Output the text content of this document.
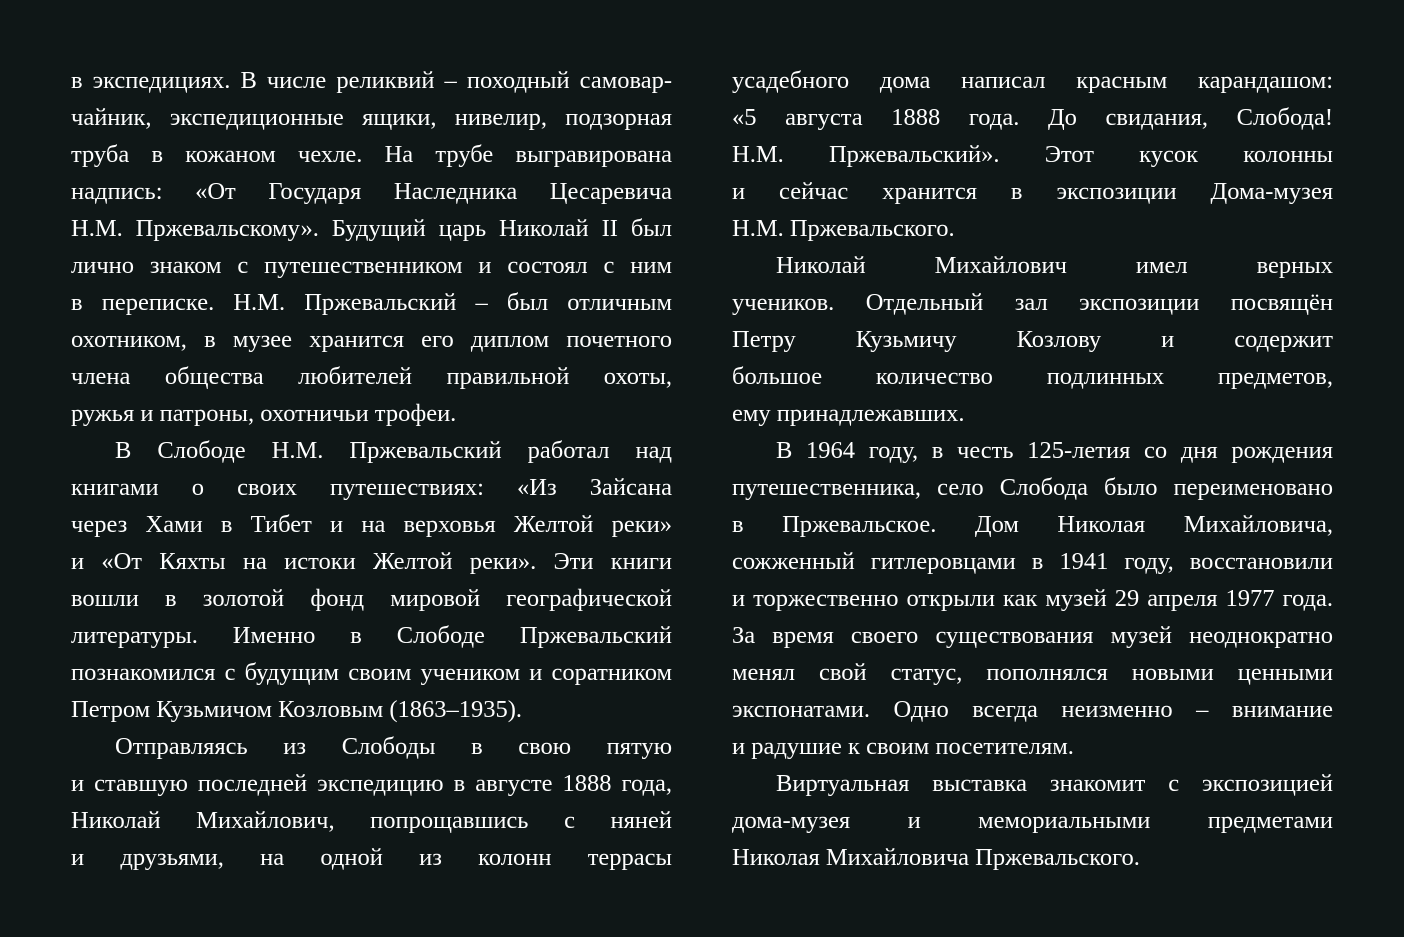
в экспедициях. В числе реликвий – походный самовар-
чайник, экспедиционные ящики, нивелир, подзорная
труба в кожаном чехле. На трубе выгравирована
надпись: «От Государя Наследника Цесаревича
Н.М. Пржевальскому». Будущий царь Николай II был
лично знаком с путешественником и состоял с ним
в переписке. Н.М. Пржевальский – был отличным
охотником, в музее хранится его диплом почетного
члена общества любителей правильной охоты,
ружья и патроны, охотничьи трофеи.
В Слободе Н.М. Пржевальский работал над
книгами о своих путешествиях: «Из Зайсана
через Хами в Тибет и на верховья Желтой реки»
и «От Кяхты на истоки Желтой реки». Эти книги
вошли в золотой фонд мировой географической
литературы. Именно в Слободе Пржевальский
познакомился с будущим своим учеником и соратником
Петром Кузьмичом Козловым (1863–1935).
Отправляясь из Слободы в свою пятую
и ставшую последней экспедицию в августе 1888 года,
Николай Михайлович, попрощавшись с няней
и друзьями, на одной из колонн террасы
усадебного дома написал красным карандашом:
«5 августа 1888 года. До свидания, Слобода!
Н.М. Пржевальский». Этот кусок колонны
и сейчас хранится в экспозиции Дома-музея
Н.М. Пржевальского.
Николай Михайлович имел верных
учеников. Отдельный зал экспозиции посвящён
Петру Кузьмичу Козлову и содержит
большое количество подлинных предметов,
ему принадлежавших.
В 1964 году, в честь 125-летия со дня рождения
путешественника, село Слобода было переименовано
в Пржевальское. Дом Николая Михайловича,
сожженный гитлеровцами в 1941 году, восстановили
и торжественно открыли как музей 29 апреля 1977 года.
За время своего существования музей неоднократно
менял свой статус, пополнялся новыми ценными
экспонатами. Одно всегда неизменно – внимание
и радушие к своим посетителям.
Виртуальная выставка знакомит с экспозицией
дома-музея и мемориальными предметами
Николая Михайловича Пржевальского.
